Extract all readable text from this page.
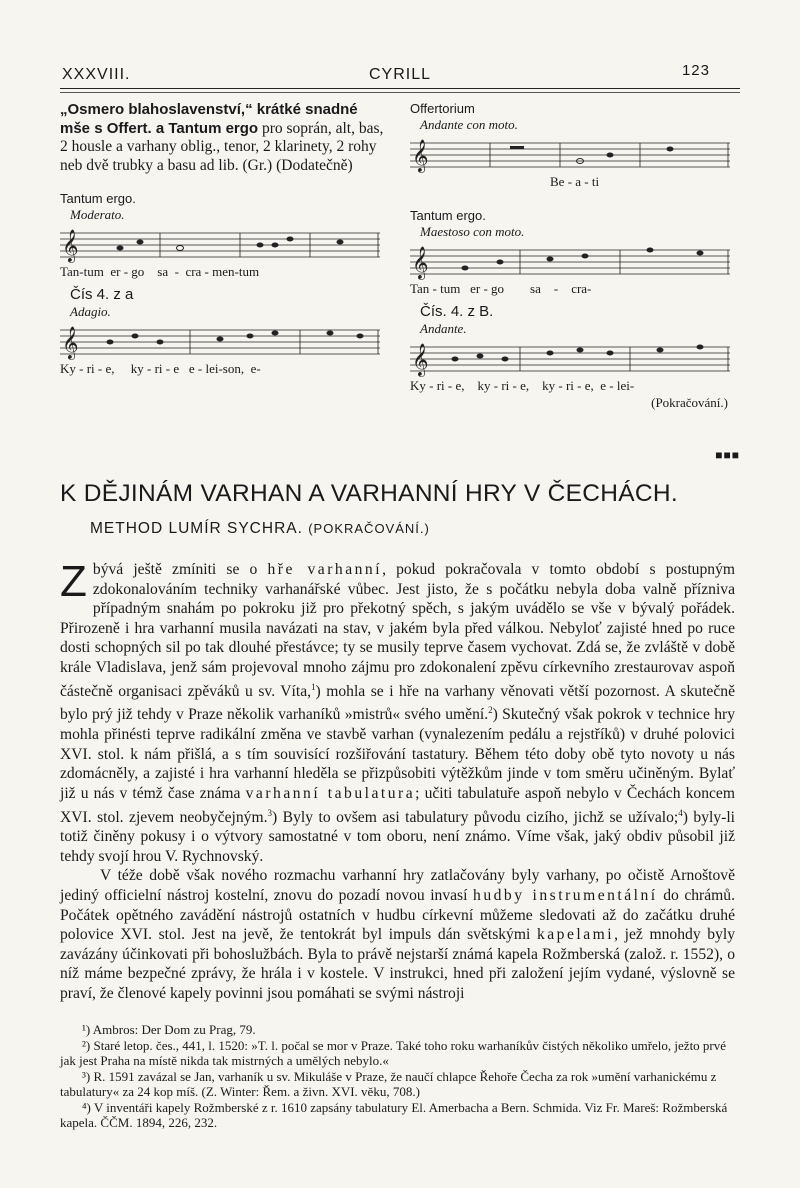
XXXVIII.	CYRILL	123
„Osmero blahoslavenství,“ krátké snadné mše s Offert. a Tantum ergo pro soprán, alt, bas, 2 housle a varhany oblig., tenor, 2 klarinety, 2 rohy neb dvě trubky a basu ad lib. (Gr.) (Dodatečně)

Tantum ergo.

Moderato.

𝄞

Tan-tum  er - go    sa  -  cra - men-tum

Čís 4. z a

Adagio.

𝄞

Ky - ri - e,     ky - ri - e   e - lei-son,  e-

Offertorium

Andante con moto.

𝄞

Be - a - ti

Tantum ergo.

Maestoso con moto.

𝄞

Tan - tum   er - go        sa    -    cra-

Čís. 4. z B.

Andante.

𝄞

Ky - ri - e,    ky - ri - e,    ky - ri - e,  e - lei-

(Pokračování.)

■■■
K DĚJINÁM VARHAN A VARHANNÍ HRY V ČECHÁCH.
METHOD LUMÍR SYCHRA. (POKRAČOVÁNÍ.)

Zbývá ještě zmíniti se o hře varhanní, pokud pokračovala v tomto období s postupným zdokonalováním techniky varhanářské vůbec. Jest jisto, že s počátku nebyla doba valně přízniva případným snahám po pokroku již pro překotný spěch, s jakým uvádělo se vše v bývalý pořádek. Přirozeně i hra varhanní musila navázati na stav, v jakém byla před válkou. Nebyloť zajisté hned po ruce dosti schopných sil po tak dlouhé přestávce; ty se musily teprve časem vychovat. Zdá se, že zvláště v době krále Vladislava, jenž sám projevoval mnoho zájmu pro zdokonalení zpěvu církevního zrestaurovav aspoň částečně organisaci zpěváků u sv. Víta,$^1$) mohla se i hře na varhany věnovati větší pozornost. A skutečně bylo prý již tehdy v Praze několik varhaníků »mistrů« svého umění.$^2$) Skutečný však pokrok v technice hry mohla přinésti teprve radikální změna ve stavbě varhan (vynalezením pedálu a rejstříků) v druhé polovici XVI. stol. k nám přišlá, a s tím souvisící rozšiřování tastatury. Během této doby obě tyto novoty u nás zdomácněly, a zajisté i hra varhanní hleděla se přizpůsobiti výtěžkům jinde v tom směru učiněným. Bylať již u nás v témž čase známa varhanní tabulatura; učiti tabulatuře aspoň nebylo v Čechách koncem XVI. stol. zjevem neobyčejným.$^3$) Byly to ovšem asi tabulatury původu cizího, jichž se užívalo;$^4$) byly-li totiž činěny pokusy i o výtvory samostatné v tom oboru, není známo. Víme však, jaký obdiv působil již tehdy svojí hrou V. Rychnovský.

V téže době však nového rozmachu varhanní hry zatlačovány byly varhany, po očistě Arnoštově jediný officielní nástroj kostelní, znovu do pozadí novou invasí hudby instrumentální do chrámů. Počátek opětného zavádění nástrojů ostatních v hudbu církevní můžeme sledovati až do začátku druhé polovice XVI. stol. Jest na jevě, že tentokrát byl impuls dán světskými kapelami, jež mnohdy byly zavázány účinkovati při bohoslužbách. Byla to právě nejstarší známá kapela Rožmberská (založ. r. 1552), o níž máme bezpečné zprávy, že hrála i v kostele. V instrukci, hned při založení jejím vydané, výslovně se praví, že členové kapely povinni jsou pomáhati se svými nástroji

¹) Ambros: Der Dom zu Prag, 79.

²) Staré letop. čes., 441, l. 1520: »T. l. počal se mor v Praze. Také toho roku warhaníkův čistých několiko umřelo, ježto prvé jak jest Praha na místě nikda tak mistrných a umělých nebylo.«

³) R. 1591 zavázal se Jan, varhaník u sv. Mikuláše v Praze, že naučí chlapce Řehoře Čecha za rok »umění varhanickému z tabulatury« za 24 kop míš. (Z. Winter: Řem. a živn. XVI. věku, 708.)

⁴) V inventáři kapely Rožmberské z r. 1610 zapsány tabulatury El. Amerbacha a Bern. Schmida. Viz Fr. Mareš: Rožmberská kapela. ČČM. 1894, 226, 232.
